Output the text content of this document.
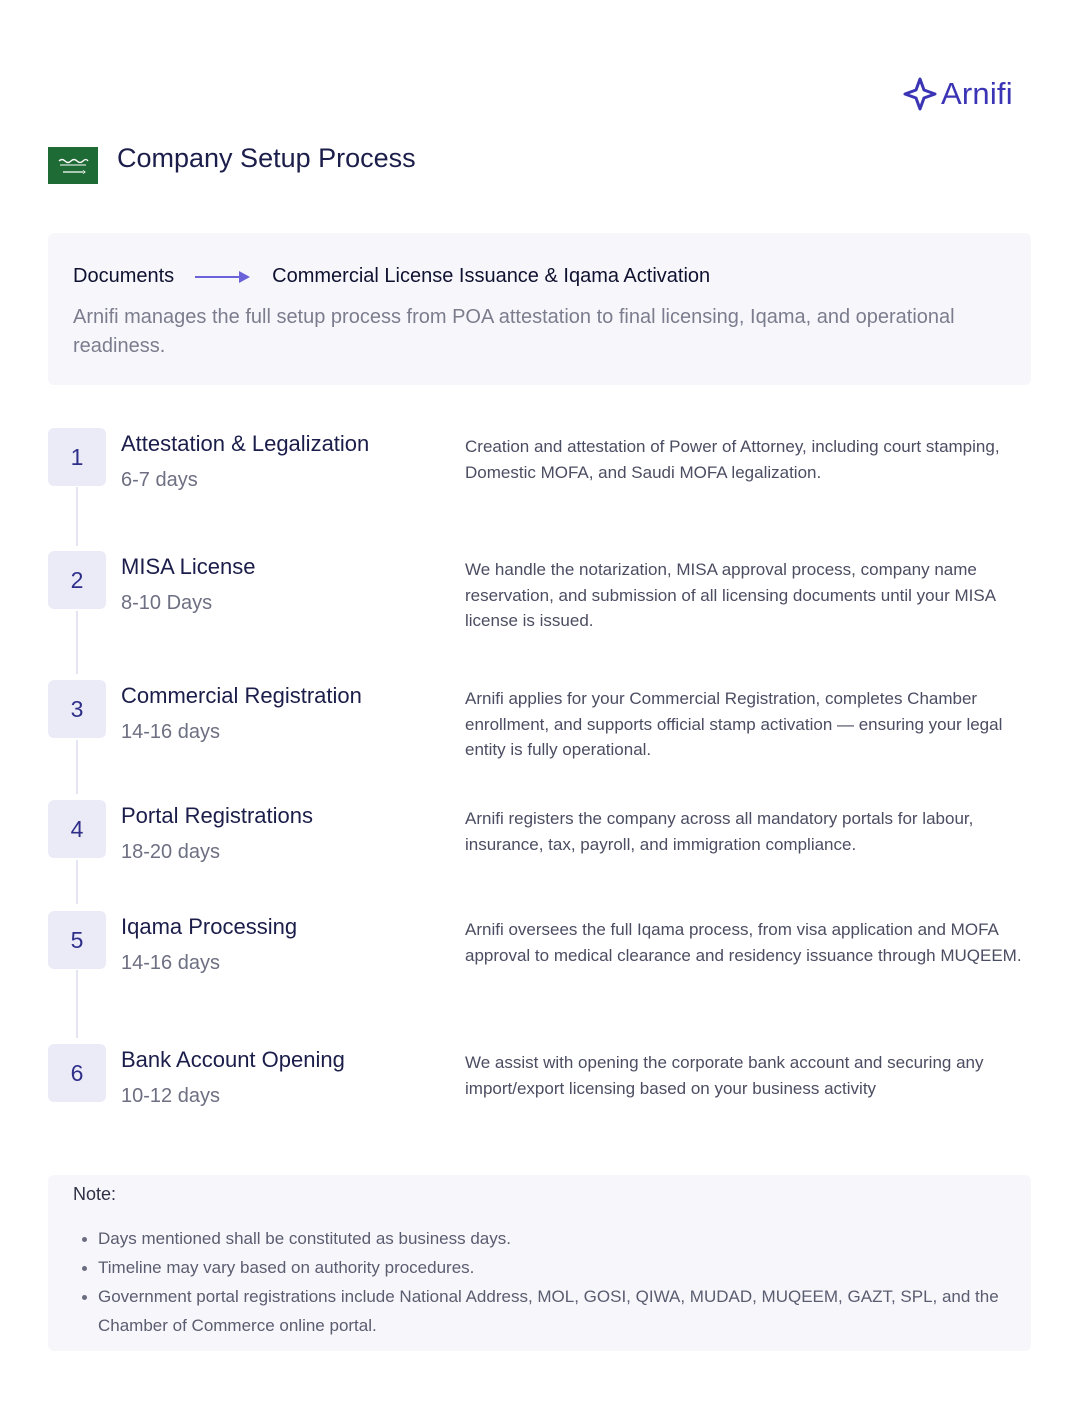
Arnifi
Company Setup Process
Documents	Commercial License Issuance & Iqama Activation

Arnifi manages the full setup process from POA attestation to final licensing, Iqama, and operational readiness.

1	Attestation & Legalization
6-7 days

Creation and attestation of Power of Attorney, including court stamping, Domestic MOFA, and Saudi MOFA legalization.

2	MISA License
8-10 Days

We handle the notarization, MISA approval process, company name reservation, and submission of all licensing documents until your MISA license is issued.

3	Commercial Registration
14-16 days

Arnifi applies for your Commercial Registration, completes Chamber enrollment, and supports official stamp activation — ensuring your legal entity is fully operational.

4	Portal Registrations
18-20 days

Arnifi registers the company across all mandatory portals for labour, insurance, tax, payroll, and immigration compliance.

5	Iqama Processing
14-16 days

Arnifi oversees the full Iqama process, from visa application and MOFA approval to medical clearance and residency issuance through MUQEEM.

6	Bank Account Opening
10-12 days

We assist with opening the corporate bank account and securing any import/export licensing based on your business activity

Note:
Days mentioned shall be constituted as business days.
Timeline may vary based on authority procedures.
Government portal registrations include National Address, MOL, GOSI, QIWA, MUDAD, MUQEEM, GAZT, SPL, and the Chamber of Commerce online portal.
